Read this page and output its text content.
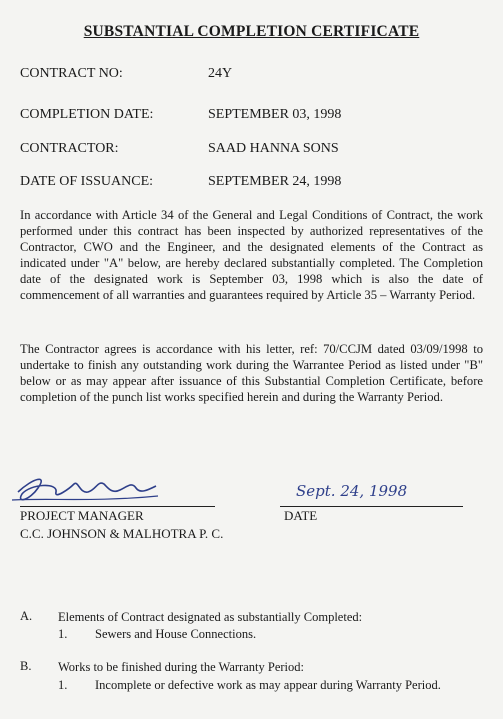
SUBSTANTIAL COMPLETION CERTIFICATE
CONTRACT NO:	24Y
COMPLETION DATE:	SEPTEMBER 03, 1998
CONTRACTOR:	SAAD HANNA SONS
DATE OF ISSUANCE:	SEPTEMBER 24, 1998
In accordance with Article 34 of the General and Legal Conditions of Contract, the work performed under this contract has been inspected by authorized representatives of the Contractor, CWO and the Engineer, and the designated elements of the Contract as indicated under "A" below, are hereby declared substantially completed. The Completion date of the designated work is September 03, 1998 which is also the date of commencement of all warranties and guarantees required by Article 35 – Warranty Period.
The Contractor agrees is accordance with his letter, ref: 70/CCJM dated 03/09/1998 to undertake to finish any outstanding work during the Warrantee Period as listed under "B" below or as may appear after issuance of this Substantial Completion Certificate, before completion of the punch list works specified herein and during the Warranty Period.
PROJECT MANAGER
C.C. JOHNSON & MALHOTRA P. C.
Sept. 24, 1998
DATE
A. Elements of Contract designated as substantially Completed:
1. Sewers and House Connections.
B. Works to be finished during the Warranty Period:
1. Incomplete or defective work as may appear during Warranty Period.
